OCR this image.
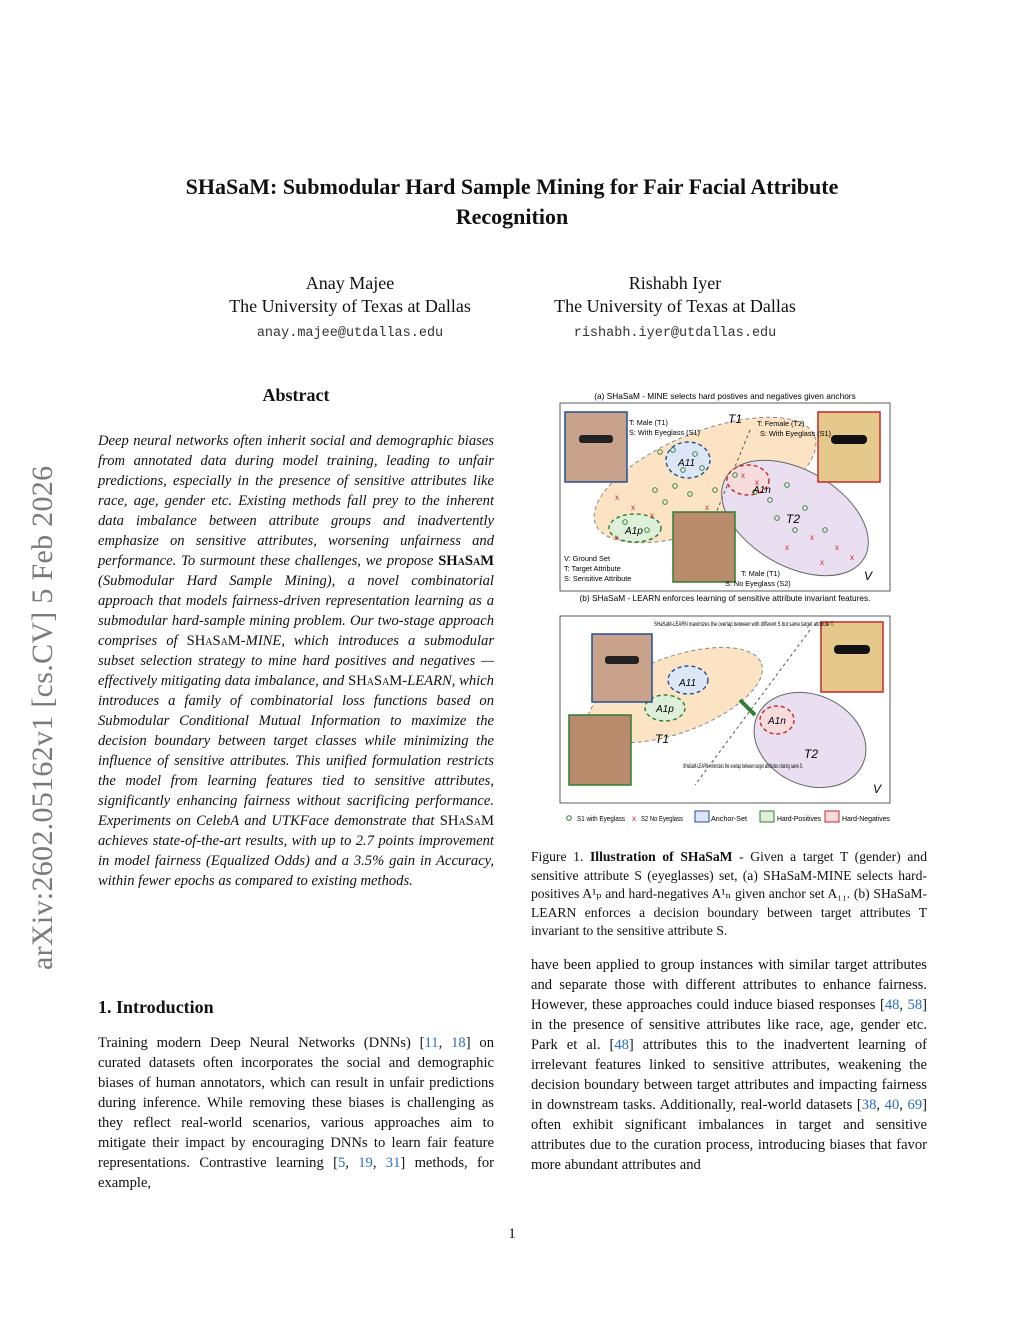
SHaSaM: Submodular Hard Sample Mining for Fair Facial Attribute
Recognition
Anay Majee
The University of Texas at Dallas
anay.majee@utdallas.edu
Rishabh Iyer
The University of Texas at Dallas
rishabh.iyer@utdallas.edu
arXiv:2602.05162v1 [cs.CV] 5 Feb 2026
Abstract
Deep neural networks often inherit social and demographic biases from annotated data during model training, leading to unfair predictions, especially in the presence of sensitive attributes like race, age, gender etc. Existing methods fall prey to the inherent data imbalance between attribute groups and inadvertently emphasize on sensitive attributes, worsening unfairness and performance. To surmount these challenges, we propose SHaSaM (Submodular Hard Sample Mining), a novel combinatorial approach that models fairness-driven representation learning as a submodular hard-sample mining problem. Our two-stage approach comprises of SHaSaM-MINE, which introduces a submodular subset selection strategy to mine hard positives and negatives — effectively mitigating data imbalance, and SHaSaM-LEARN, which introduces a family of combinatorial loss functions based on Submodular Conditional Mutual Information to maximize the decision boundary between target classes while minimizing the influence of sensitive attributes. This unified formulation restricts the model from learning features tied to sensitive attributes, significantly enhancing fairness without sacrificing performance. Experiments on CelebA and UTKFace demonstrate that SHaSaM achieves state-of-the-art results, with up to 2.7 points improvement in model fairness (Equalized Odds) and a 3.5% gain in Accuracy, within fewer epochs as compared to existing methods.
1. Introduction
Training modern Deep Neural Networks (DNNs) [11, 18] on curated datasets often incorporates the social and demographic biases of human annotators, which can result in unfair predictions during inference. While removing these biases is challenging as they reflect real-world scenarios, various approaches aim to mitigate their impact by encouraging DNNs to learn fair feature representations. Contrastive learning [5, 19, 31] methods, for example,
(a) SHaSaM - MINE selects hard postives and negatives given anchors
x
x
x
x
x
x
x
x
x
x
x
x
T1
T2
A11
A1p
A1n
V
T: Male (T1)
S: With Eyeglass (S1)
T: Female (T2)
S: With Eyeglass (S1)
V: Ground Set
T: Target Attribute
S: Sensitive Attribute
T: Male (T1)
S: No Eyeglass (S2)
(b) SHaSaM - LEARN enforces learning of sensitive attribute invariant features.
A11
A1p
A1n
T1
T2
V
SHaSaM-LEARN maximizes the overlap between with different S but same target attribute T.
SHaSaM-LEARN minimizes the overlap between target attributes sharing same S.
S1 with Eyeglass x S2 No Eyeglass	Anchor-Set	Hard-Positives	Hard-Negatives
Figure 1. Illustration of SHaSaM - Given a target T (gender) and sensitive attribute S (eyeglasses) set, (a) SHaSaM-MINE selects hard-positives A¹ₚ and hard-negatives A¹ₙ given anchor set A₁₁. (b) SHaSaM-LEARN enforces a decision boundary between target attributes T invariant to the sensitive attribute S.
have been applied to group instances with similar target attributes and separate those with different attributes to enhance fairness. However, these approaches could induce biased responses [48, 58] in the presence of sensitive attributes like race, age, gender etc. Park et al. [48] attributes this to the inadvertent learning of irrelevant features linked to sensitive attributes, weakening the decision boundary between target attributes and impacting fairness in downstream tasks. Additionally, real-world datasets [38, 40, 69] often exhibit significant imbalances in target and sensitive attributes due to the curation process, introducing biases that favor more abundant attributes and
1
